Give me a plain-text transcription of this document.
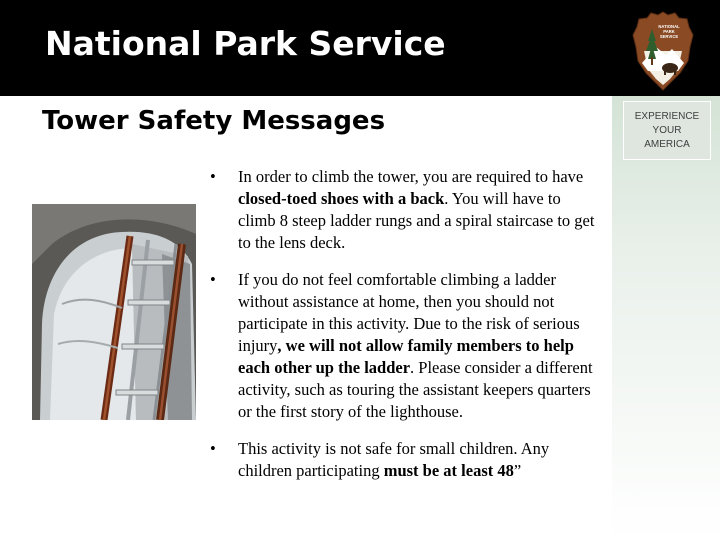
National Park Service	NATIONAL
PARK
SERVICE
EXPERIENCE
YOUR
AMERICA
Tower Safety Messages
• In order to climb the tower, you are required to have closed-toed shoes with a back. You will have to climb 8 steep ladder rungs and a spiral staircase to get to the lens deck.
• If you do not feel comfortable climbing a ladder without assistance at home, then you should not participate in this activity. Due to the risk of serious injury, we will not allow family members to help each other up the ladder. Please consider a different activity, such as touring the assistant keepers quarters or the first story of the lighthouse.
• This activity is not safe for small children. Any children participating must be at least 48”
